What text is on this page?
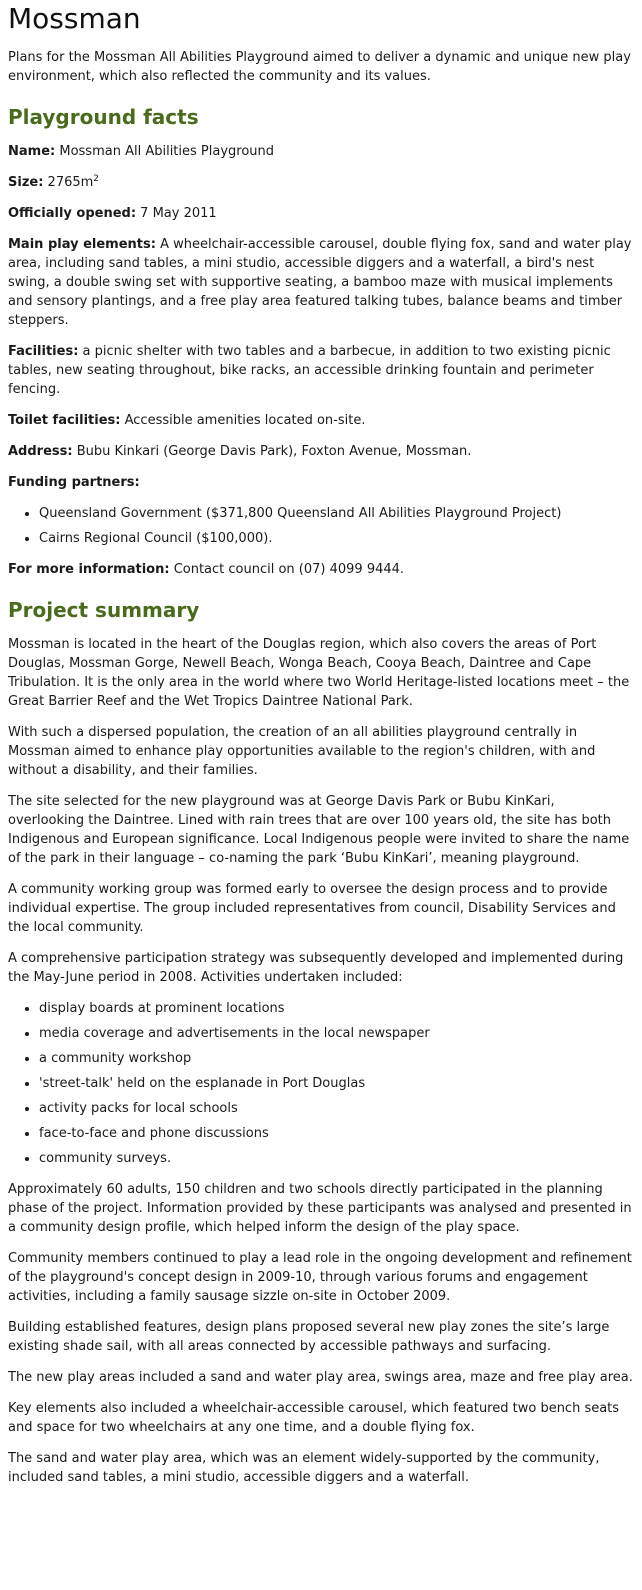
Mossman

Plans for the Mossman All Abilities Playground aimed to deliver a dynamic and unique new play environment, which also reflected the community and its values.

Playground facts

Name: Mossman All Abilities Playground

Size: $2765m^2$

Officially opened: 7 May 2011

Main play elements: A wheelchair-accessible carousel, double flying fox, sand and water play area, including sand tables, a mini studio, accessible diggers and a waterfall, a bird's nest swing, a double swing set with supportive seating, a bamboo maze with musical implements and sensory plantings, and a free play area featured talking tubes, balance beams and timber steppers.

Facilities: a picnic shelter with two tables and a barbecue, in addition to two existing picnic tables, new seating throughout, bike racks, an accessible drinking fountain and perimeter fencing.

Toilet facilities: Accessible amenities located on-site.

Address: Bubu Kinkari (George Davis Park), Foxton Avenue, Mossman.

Funding partners:

• Queensland Government ($371,800 Queensland All Abilities Playground Project)
• Cairns Regional Council ($100,000).

For more information: Contact council on (07) 4099 9444.

Project summary

Mossman is located in the heart of the Douglas region, which also covers the areas of Port Douglas, Mossman Gorge, Newell Beach, Wonga Beach, Cooya Beach, Daintree and Cape Tribulation. It is the only area in the world where two World Heritage-listed locations meet – the Great Barrier Reef and the Wet Tropics Daintree National Park.

With such a dispersed population, the creation of an all abilities playground centrally in Mossman aimed to enhance play opportunities available to the region's children, with and without a disability, and their families.

The site selected for the new playground was at George Davis Park or Bubu KinKari, overlooking the Daintree. Lined with rain trees that are over 100 years old, the site has both Indigenous and European significance. Local Indigenous people were invited to share the name of the park in their language – co-naming the park ‘Bubu KinKari’, meaning playground.

A community working group was formed early to oversee the design process and to provide individual expertise. The group included representatives from council, Disability Services and the local community.

A comprehensive participation strategy was subsequently developed and implemented during the May-June period in 2008. Activities undertaken included:

• display boards at prominent locations
• media coverage and advertisements in the local newspaper
• a community workshop
• 'street-talk' held on the esplanade in Port Douglas
• activity packs for local schools
• face-to-face and phone discussions
• community surveys.

Approximately 60 adults, 150 children and two schools directly participated in the planning phase of the project. Information provided by these participants was analysed and presented in a community design profile, which helped inform the design of the play space.

Community members continued to play a lead role in the ongoing development and refinement of the playground's concept design in 2009-10, through various forums and engagement activities, including a family sausage sizzle on-site in October 2009.

Building established features, design plans proposed several new play zones the site’s large existing shade sail, with all areas connected by accessible pathways and surfacing.

The new play areas included a sand and water play area, swings area, maze and free play area.

Key elements also included a wheelchair-accessible carousel, which featured two bench seats and space for two wheelchairs at any one time, and a double flying fox.

The sand and water play area, which was an element widely-supported by the community, included sand tables, a mini studio, accessible diggers and a waterfall.
